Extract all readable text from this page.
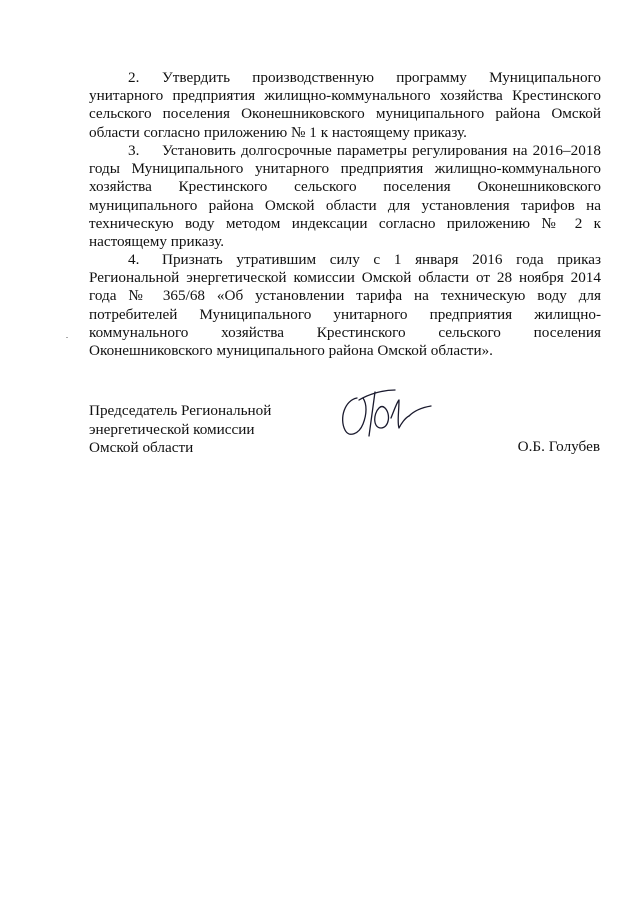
2. Утвердить производственную программу Муниципального унитарного предприятия жилищно-коммунального хозяйства Крестинского сельского поселения Оконешниковского муниципального района Омской области согласно приложению № 1 к настоящему приказу.
3. Установить долгосрочные параметры регулирования на 2016–2018 годы Муниципального унитарного предприятия жилищно-коммунального хозяйства Крестинского сельского поселения Оконешниковского муниципального района Омской области для установления тарифов на техническую воду методом индексации согласно приложению № 2 к настоящему приказу.
4. Признать утратившим силу с 1 января 2016 года приказ Региональной энергетической комиссии Омской области от 28 ноября 2014 года № 365/68 «Об установлении тарифа на техническую воду для потребителей Муниципального унитарного предприятия жилищно-коммунального хозяйства Крестинского сельского поселения Оконешниковского муниципального района Омской области».
Председатель Региональной
энергетической комиссии
Омской области	О.Б. Голубев
